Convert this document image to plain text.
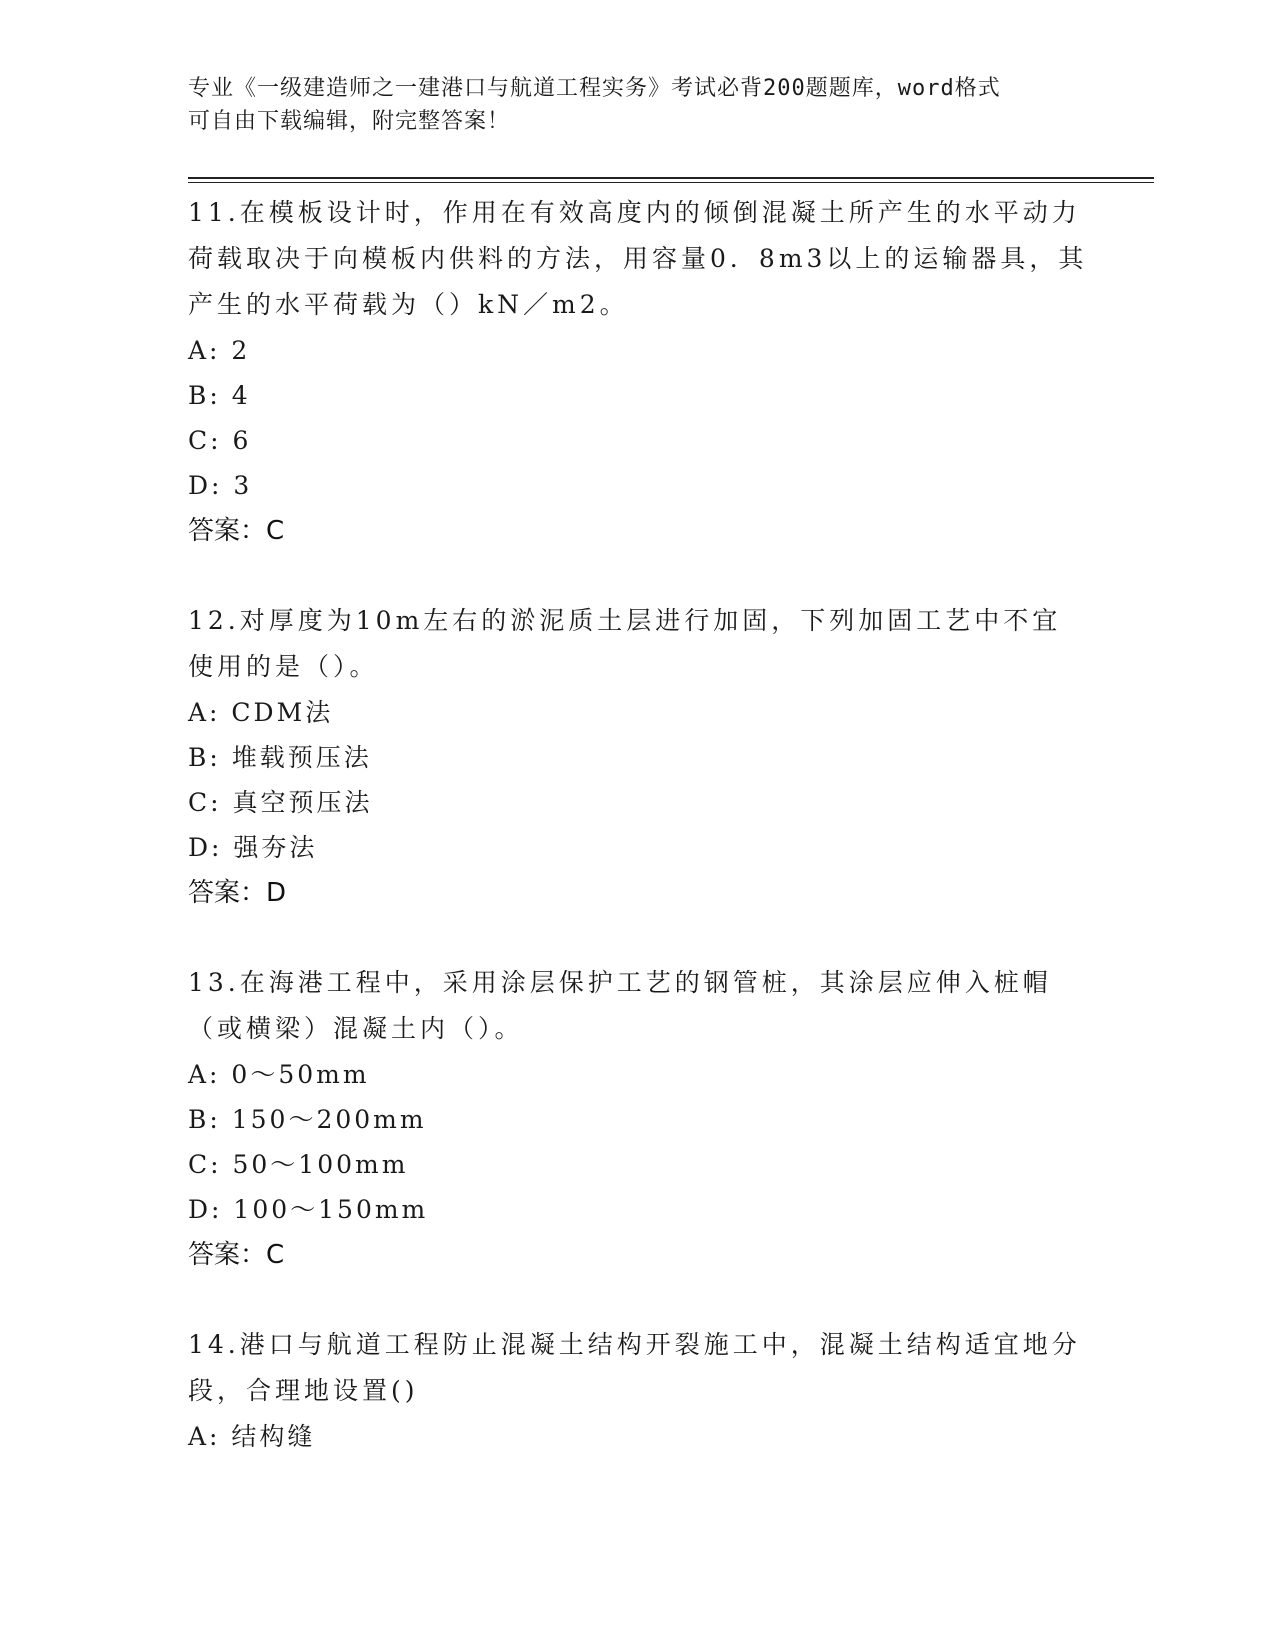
专业《一级建造师之一建港口与航道工程实务》考试必背200题题库，word格式
可自由下载编辑，附完整答案！

11.在模板设计时，作用在有效高度内的倾倒混凝土所产生的水平动力荷载取决于向模板内供料的方法，用容量0．8m3以上的运输器具，其产生的水平荷载为（）kN／m2。

A: 2

B: 4

C: 6

D: 3

答案：C

12.对厚度为10m左右的淤泥质土层进行加固，下列加固工艺中不宜使用的是（）。

A: CDM法

B: 堆载预压法

C: 真空预压法

D: 强夯法

答案：D

13.在海港工程中，采用涂层保护工艺的钢管桩，其涂层应伸入桩帽（或横梁）混凝土内（）。

A: 0～50mm

B: 150～200mm

C: 50～100mm

D: 100～150mm

答案：C

14.港口与航道工程防止混凝土结构开裂施工中，混凝土结构适宜地分段，合理地设置()

A: 结构缝
